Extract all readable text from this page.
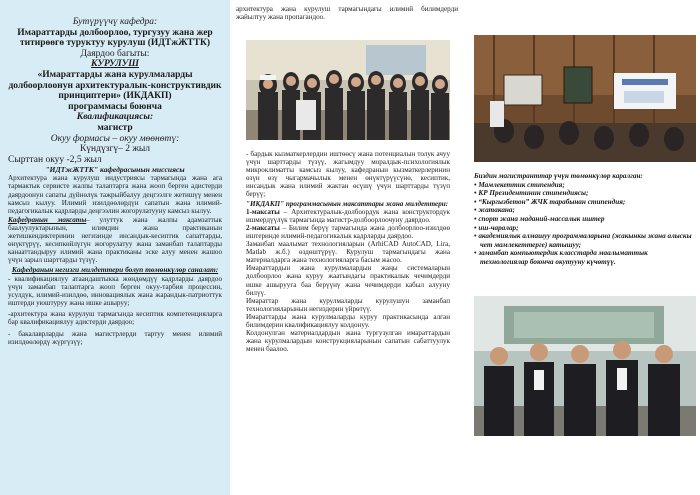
Бутүрүүчү кафедра:
Имараттарды долбоорлоо, тургузуу жана жер титирөөгө туруктуу курулуш (ИДТжЖТТК)
Даярдоо багыты:
КУРУЛУШ
«Имараттарды жана курулмаларды долбоорлоонун архитектуралык-конструктивдик принциптери» (ИКДАКП)
программасы боюнча
Квалификациясы:
магистр
Окуу формасы – окуу мөөнөтү:
Күндүзгү– 2 жыл
Сырттан окуу -2,5 жыл
"ИДТжЖТТК" кафедрасынын миссиясы
Архитектура жана курулуш индустриясы тармагында жана ага тармактык сервисте жалпы талаптарга жана жооп берген адистерди даярдоонун сапаты дүйнөлүк тажрыйбалуу деңгээлге жетишүү менен камсыз кылуу. Илимий изилдөөлөрдүн сапатын жана илимий-педагогикалык кадрларды деңгээлин жогорулатууну камсыз кылуу.
Кафедранын максаты– улуттук жана жалпы адамзаттык баалуулуктарынын, илимдин жана практиканын жетишкендиктеринин негизинде инсандык-кесиптик сапаттарды, өнүктүрүү, кесипкөйлүгүн жогорулатуу жана заманбап талаптарды канааттандыруу илимий жана практиканы эске алуу менен жашоо үчүн зарыл шарттарды түзүү.
Кафедранын негизги милдеттери болуп төмөнкүлөр саналат:
- квалификациялуу атаандаштыкка жөндөмдүү кадрларды даярдоо үчүн заманбап талаптарга жооп берген окуу-тарбия процессин, усулдук, илимий-изилдөө, инновациялык жана жарандык-патриоттук иштерди уюштуруу жана ишке ашыруу;
-архитектура жана курулуш тармагында кесиптик компетенцияларга бар квалификациялуу адистерди даярдоо;
- бакалаврларды жана магистрлерди тартуу менен илимий изилдөөлөрдү жүргүзүү;
архитектура жана курулуш тармагындагы илимий билимдерди жайылтуу жана пропагандоо.
- бардык кызматкерлердин иштөөсү жана потенциалын толук ачуу үчүн шарттарды түзүү, жагымдуу моралдык-психологиялык микроклиматты камсыз кылуу, кафедранын кызматкерлеринин өзүн өзү чыгармачылык менен өнүктүрүүсүнө, кесиптик, инсандык жана илимий жактан өсүшү үчүн шарттарды түзүп берүү;
"ИКДАКП" программасынын максаттары жана милдеттери:
1-максаты – Архитектуралык-долбоордук жана конструктордук ишмердүүлүк тармагында магистр-долбоорлоочуну даярдоо.
2-максаты – Билим берүү тармагында жана долбоорлоо-изилдөө иштеринде илимий-педагогикалык кадрларды даярдоо.
Заманбап маалымат технологияларын (ArhiCAD AutoCAD, Lira, Matlab ж.б.) өздөштүрүү. Курулуш тармагындагы жана материалдарга жана технологияларга басым жасоо.
Имараттардын жана курулмалардын жаңы системаларын долбоорлоо жана куруу жаатындагы практикалык чечимдерди ишке ашырууга баа берүүнү жана чечимдерди кабыл алууну билүү.
Имараттар жана курулмаларды курулушун заманбап технологияларынын негиздерин үйрөтүү.
Имараттарды жана курулмаларды куруу практикасында алган билимдерин квалификациялуу колдонуу.
Колдонулган материалдардын жана тургузулган имараттардын жана курулмалардын конструкцияларынын сапатын сабаттуулук менен баалоо.
Биздин магистранттар үчүн төмөнкүлөр каралган:
• Мамлекеттик стипендия;
• КР Президентинин стипендиясы;
• “Кыргызбетон” ЖЧК тарабынан стипендия;
• жатакана;
• спорт жана маданий-массалык иштер
• иш-чаралар;
• академиялык алмашуу программаларына (жакынкы жана алыскы чет мамлекеттерге) катышуу;
• заманбап компьютердик класстарда маалыматтык технологиялар боюнча окутууну күчөтүү.
